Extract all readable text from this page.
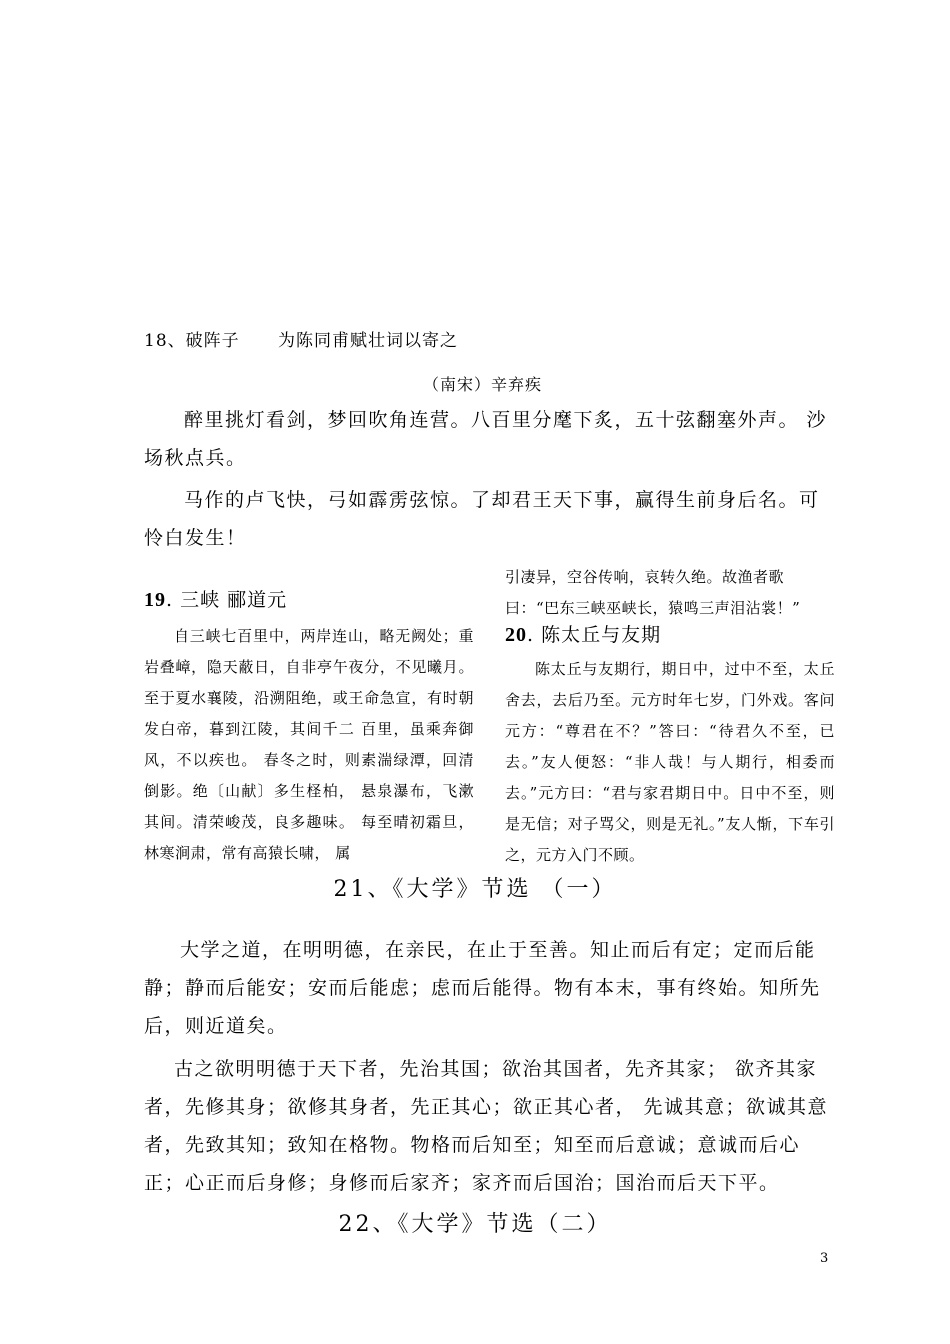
18、破阵子      为陈同甫赋壮词以寄之

（南宋）辛弃疾

醉里挑灯看剑，梦回吹角连营。八百里分麾下炙，五十弦翻塞外声。 沙场秋点兵。

马作的卢飞快，弓如霹雳弦惊。了却君王天下事，赢得生前身后名。可怜白发生！

19. 三峡 郦道元

自三峡七百里中，两岸连山，略无阙处；重岩叠嶂，隐天蔽日，自非亭午夜分，不见曦月。 至于夏水襄陵，沿溯阻绝，或王命急宣，有时朝发白帝，暮到江陵，其间千二 百里，虽乘奔御风，不以疾也。 春冬之时，则素湍绿潭，回清倒影。绝〔山献〕多生柽柏， 悬泉瀑布，飞漱其间。清荣峻茂，良多趣味。 每至晴初霜旦，林寒涧肃，常有高猿长啸， 属

引凄异，空谷传响，哀转久绝。故渔者歌曰：“巴东三峡巫峡长，猿鸣三声泪沾裳！”

20. 陈太丘与友期

陈太丘与友期行，期日中，过中不至，太丘舍去，去后乃至。元方时年七岁，门外戏。客问元方：“尊君在不？”答曰：“待君久不至，已去。”友人便怒：“非人哉！与人期行，相委而去。”元方曰：“君与家君期日中。日中不至，则是无信；对子骂父，则是无礼。”友人惭，下车引之，元方入门不顾。

21、《大学》节选 （一）

大学之道，在明明德，在亲民，在止于至善。知止而后有定；定而后能静；静而后能安；安而后能虑；虑而后能得。物有本末，事有终始。知所先后，则近道矣。

古之欲明明德于天下者，先治其国；欲治其国者，先齐其家； 欲齐其家者，先修其身；欲修其身者，先正其心；欲正其心者， 先诚其意；欲诚其意者，先致其知；致知在格物。物格而后知至；知至而后意诚；意诚而后心正；心正而后身修；身修而后家齐；家齐而后国治；国治而后天下平。

22、《大学》节选（二）

3
